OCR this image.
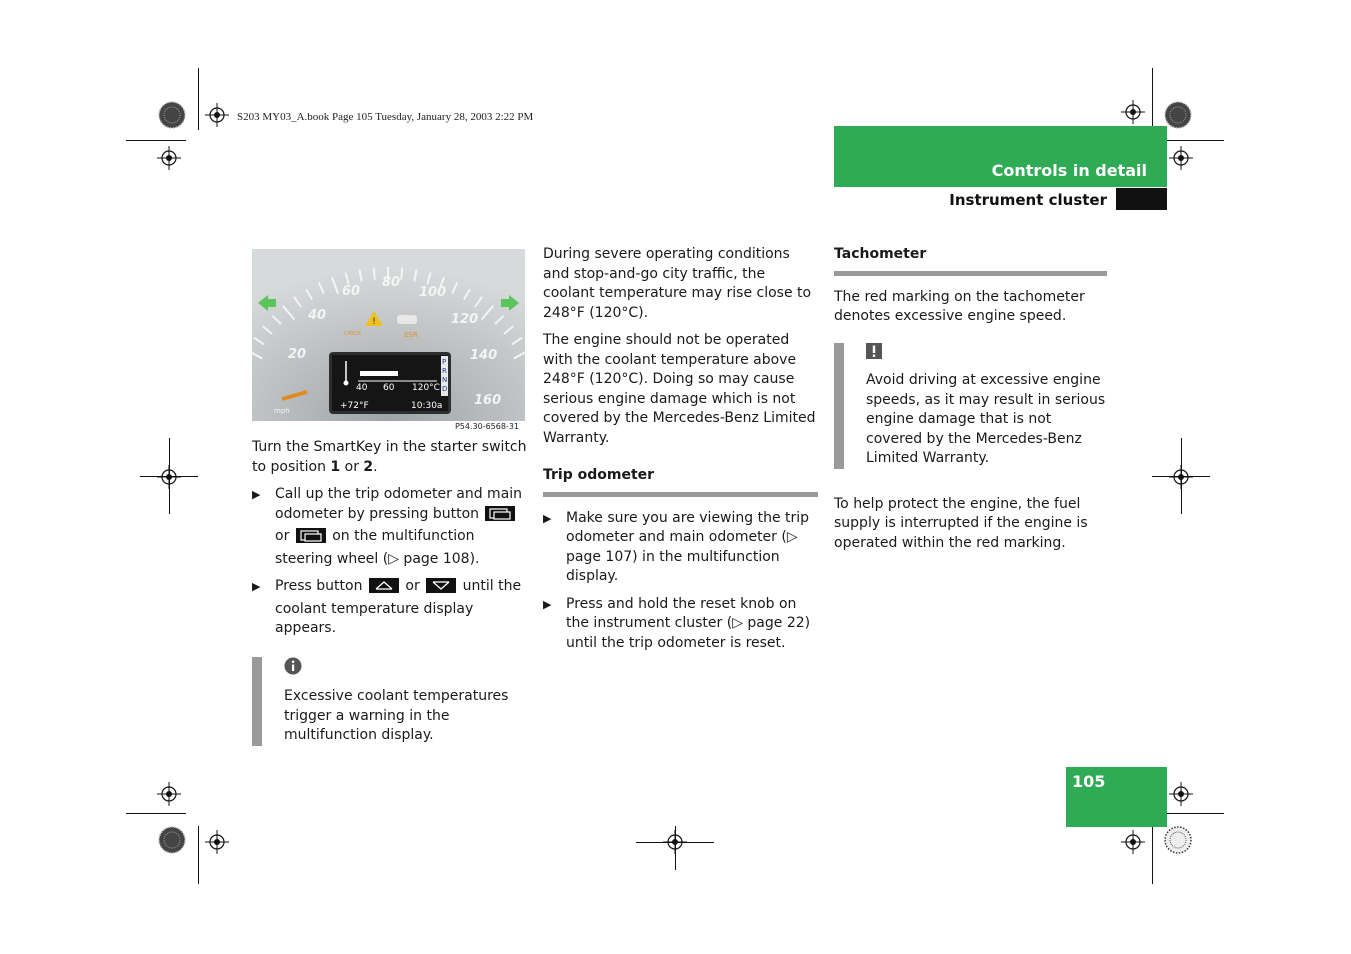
S203 MY03_A.book Page 105 Tuesday, January 28, 2003 2:22 PM
Controls in detail
Instrument cluster
!
CHECK	ESR
20
40
60
80
100
120
140
160
mph
40 60 120°C
+72°F	10:30a
P
R
N
D
P54.30-6568-31

Turn the SmartKey in the starter switch to position 1 or 2.

▶ Call up the trip odometer and main odometer by pressing button
or	on the multifunction steering wheel (▷ page 108).
▶ Press button	or	until the coolant temperature display appears.
Excessive coolant temperatures trigger a warning in the multifunction display.

During severe operating conditions and stop-and-go city traffic, the coolant temperature may rise close to 248°F (120°C).

The engine should not be operated with the coolant temperature above 248°F (120°C). Doing so may cause serious engine damage which is not covered by the Mercedes-Benz Limited Warranty.

Trip odometer
▶ Make sure you are viewing the trip odometer and main odometer (▷ page 107) in the multifunction display.
▶ Press and hold the reset knob on the instrument cluster (▷ page 22) until the trip odometer is reset.
Tachometer

The red marking on the tachometer denotes excessive engine speed.

Avoid driving at excessive engine speeds, as it may result in serious engine damage that is not covered by the Mercedes-Benz Limited Warranty.

To help protect the engine, the fuel supply is interrupted if the engine is operated within the red marking.

105
